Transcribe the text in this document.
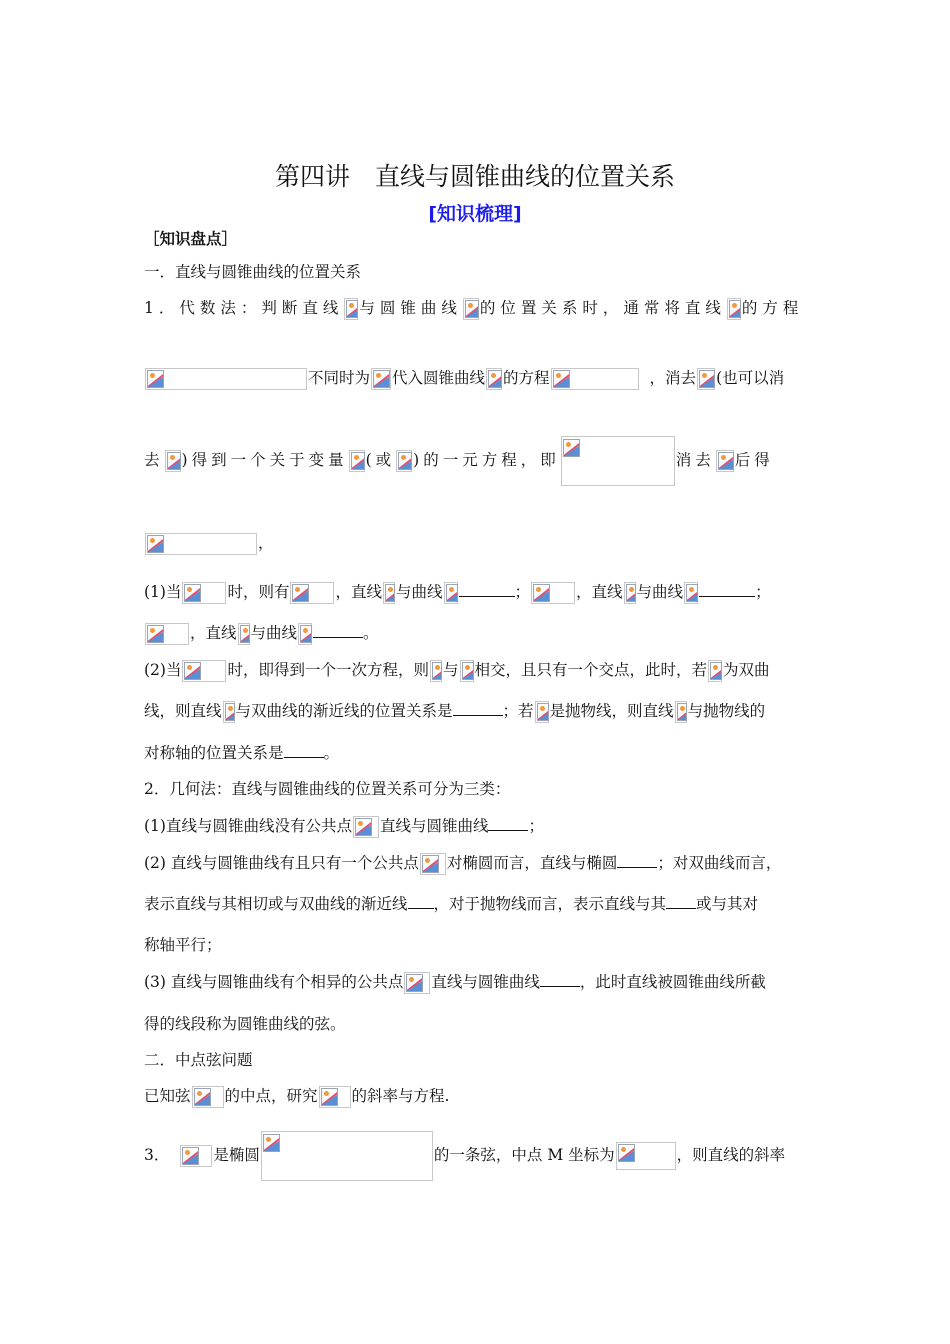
第四讲　直线与圆锥曲线的位置关系
[知识梳理]
［知识盘点］
一．直线与圆锥曲线的位置关系
1．代数法：判断直线 与圆锥曲线 的位置关系时，通常将直线 的方程
不同时为 代入圆锥曲线 的方程	，消去 (也可以消
去 )得到一个关于变量 (或 )的一元方程，即	消去 后得
，
(1)当	时，则有	，直线 与曲线	；	，直线 与曲线	；
，直线 与曲线	。
(2)当	时，即得到一个一次方程，则 与 相交，且只有一个交点，此时，若 为双曲
线，则直线 与双曲线的渐近线的位置关系是	；若 是抛物线，则直线 与抛物线的
对称轴的位置关系是	。
2．几何法：直线与圆锥曲线的位置关系可分为三类：
(1)直线与圆锥曲线没有公共点 直线与圆锥曲线	；
(2) 直线与圆锥曲线有且只有一个公共点 对椭圆而言，直线与椭圆	；对双曲线而言，
表示直线与其相切或与双曲线的渐近线 ，对于抛物线而言，表示直线与其 或与其对
称轴平行；
(3) 直线与圆锥曲线有个相异的公共点 直线与圆锥曲线	，此时直线被圆锥曲线所截
得的线段称为圆锥曲线的弦。
二．中点弦问题
已知弦 的中点，研究 的斜率与方程.
3．	是椭圆	的一条弦，中点 M 坐标为	，则直线的斜率
